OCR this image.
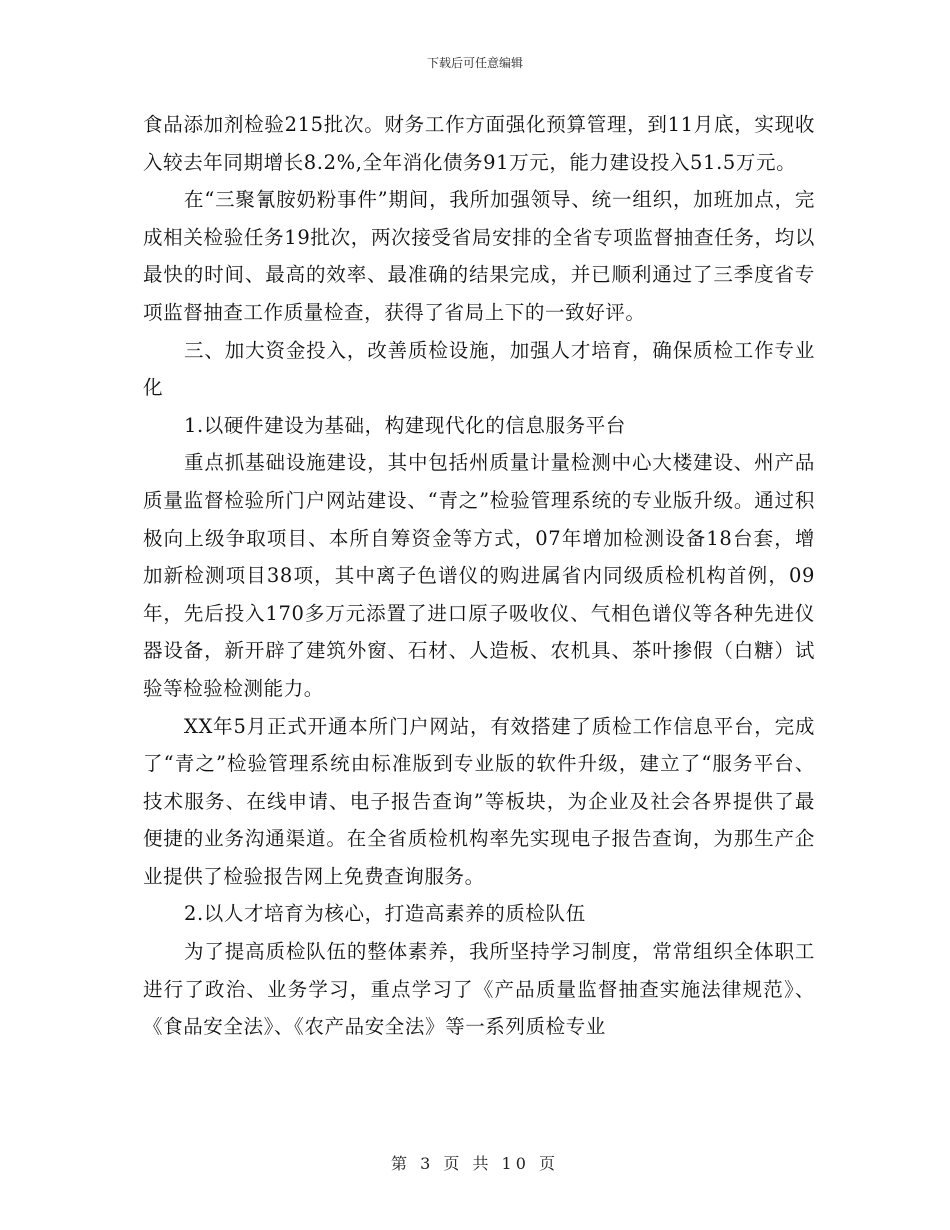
下载后可任意编辑

食品添加剂检验215批次。财务工作方面强化预算管理，到11月底，实现收入较去年同期增长8.2%,全年消化债务91万元，能力建设投入51.5万元。

在“三聚氰胺奶粉事件”期间，我所加强领导、统一组织，加班加点，完成相关检验任务19批次，两次接受省局安排的全省专项监督抽查任务，均以最快的时间、最高的效率、最准确的结果完成，并已顺利通过了三季度省专项监督抽查工作质量检查，获得了省局上下的一致好评。

三、加大资金投入，改善质检设施，加强人才培育，确保质检工作专业化

1.以硬件建设为基础，构建现代化的信息服务平台

重点抓基础设施建设，其中包括州质量计量检测中心大楼建设、州产品质量监督检验所门户网站建设、“青之”检验管理系统的专业版升级。通过积极向上级争取项目、本所自筹资金等方式，07年增加检测设备18台套，增加新检测项目38项，其中离子色谱仪的购进属省内同级质检机构首例，09年，先后投入170多万元添置了进口原子吸收仪、气相色谱仪等各种先进仪器设备，新开辟了建筑外窗、石材、人造板、农机具、茶叶掺假（白糖）试验等检验检测能力。

XX年5月正式开通本所门户网站，有效搭建了质检工作信息平台，完成了“青之”检验管理系统由标准版到专业版的软件升级，建立了“服务平台、技术服务、在线申请、电子报告查询”等板块，为企业及社会各界提供了最便捷的业务沟通渠道。在全省质检机构率先实现电子报告查询，为那生产企业提供了检验报告网上免费查询服务。

2.以人才培育为核心，打造高素养的质检队伍

为了提高质检队伍的整体素养，我所坚持学习制度，常常组织全体职工进行了政治、业务学习，重点学习了《产品质量监督抽查实施法律规范》、《食品安全法》、《农产品安全法》等一系列质检专业

第 3 页 共 10 页
